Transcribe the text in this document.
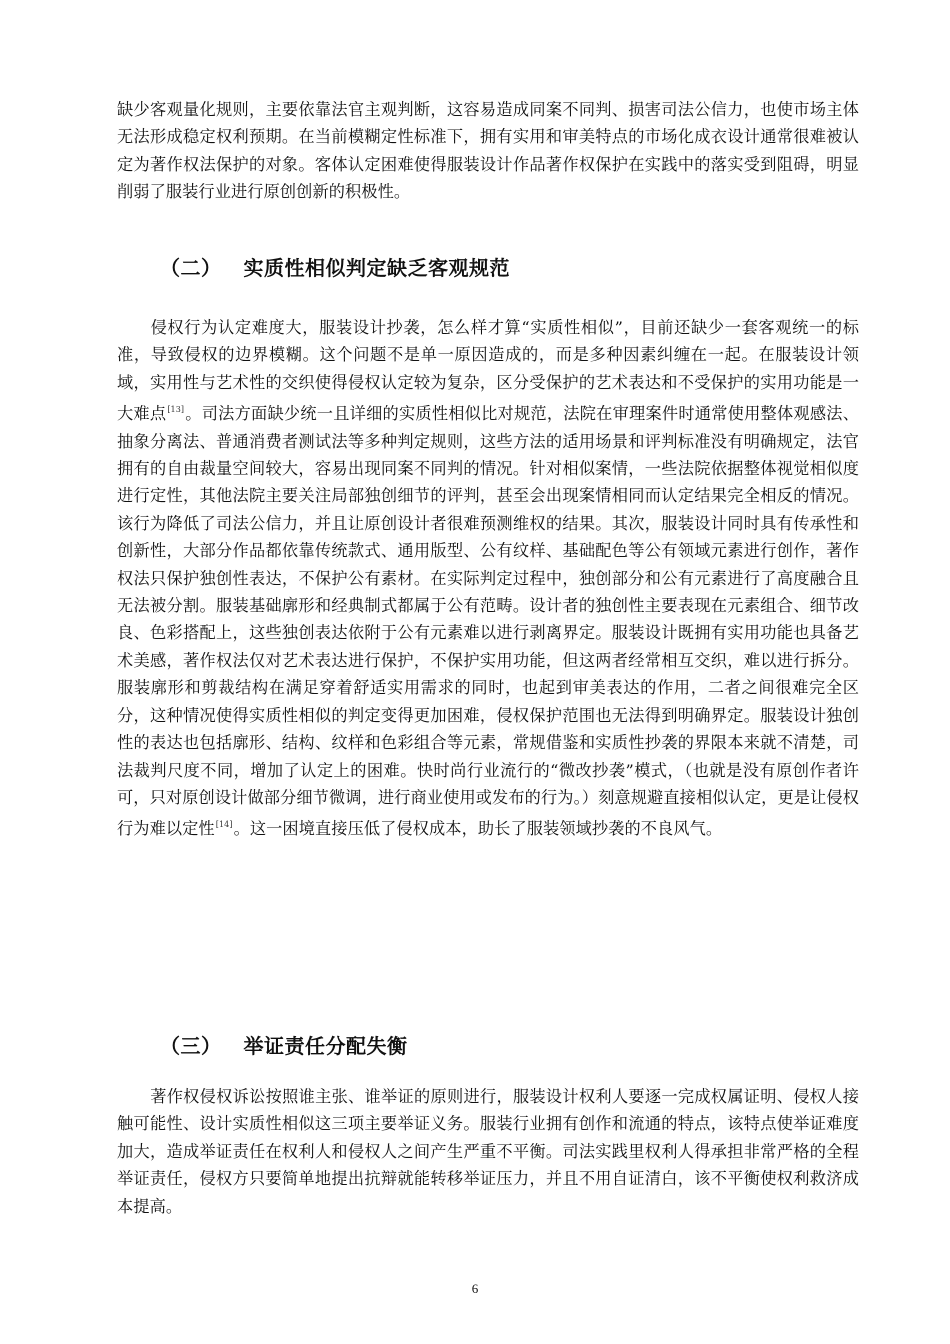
缺少客观量化规则，主要依靠法官主观判断，这容易造成同案不同判、损害司法公信力，也使市场主体无法形成稳定权利预期。在当前模糊定性标准下，拥有实用和审美特点的市场化成衣设计通常很难被认定为著作权法保护的对象。客体认定困难使得服装设计作品著作权保护在实践中的落实受到阻碍，明显削弱了服装行业进行原创创新的积极性。
（二） 实质性相似判定缺乏客观规范
侵权行为认定难度大，服装设计抄袭，怎么样才算“实质性相似”，目前还缺少一套客观统一的标准，导致侵权的边界模糊。这个问题不是单一原因造成的，而是多种因素纠缠在一起。在服装设计领域，实用性与艺术性的交织使得侵权认定较为复杂，区分受保护的艺术表达和不受保护的实用功能是一大难点[13]。司法方面缺少统一且详细的实质性相似比对规范，法院在审理案件时通常使用整体观感法、抽象分离法、普通消费者测试法等多种判定规则，这些方法的适用场景和评判标准没有明确规定，法官拥有的自由裁量空间较大，容易出现同案不同判的情况。针对相似案情，一些法院依据整体视觉相似度进行定性，其他法院主要关注局部独创细节的评判，甚至会出现案情相同而认定结果完全相反的情况。该行为降低了司法公信力，并且让原创设计者很难预测维权的结果。其次，服装设计同时具有传承性和创新性，大部分作品都依靠传统款式、通用版型、公有纹样、基础配色等公有领域元素进行创作，著作权法只保护独创性表达，不保护公有素材。在实际判定过程中，独创部分和公有元素进行了高度融合且无法被分割。服装基础廓形和经典制式都属于公有范畴。设计者的独创性主要表现在元素组合、细节改良、色彩搭配上，这些独创表达依附于公有元素难以进行剥离界定。服装设计既拥有实用功能也具备艺术美感，著作权法仅对艺术表达进行保护，不保护实用功能，但这两者经常相互交织，难以进行拆分。服装廓形和剪裁结构在满足穿着舒适实用需求的同时，也起到审美表达的作用，二者之间很难完全区分，这种情况使得实质性相似的判定变得更加困难，侵权保护范围也无法得到明确界定。服装设计独创性的表达也包括廓形、结构、纹样和色彩组合等元素，常规借鉴和实质性抄袭的界限本来就不清楚，司法裁判尺度不同，增加了认定上的困难。快时尚行业流行的“微改抄袭”模式，（也就是没有原创作者许可，只对原创设计做部分细节微调，进行商业使用或发布的行为。）刻意规避直接相似认定，更是让侵权行为难以定性[14]。这一困境直接压低了侵权成本，助长了服装领域抄袭的不良风气。
（三） 举证责任分配失衡
著作权侵权诉讼按照谁主张、谁举证的原则进行，服装设计权利人要逐一完成权属证明、侵权人接触可能性、设计实质性相似这三项主要举证义务。服装行业拥有创作和流通的特点，该特点使举证难度加大，造成举证责任在权利人和侵权人之间产生严重不平衡。司法实践里权利人得承担非常严格的全程举证责任，侵权方只要简单地提出抗辩就能转移举证压力，并且不用自证清白，该不平衡使权利救济成本提高。
6
